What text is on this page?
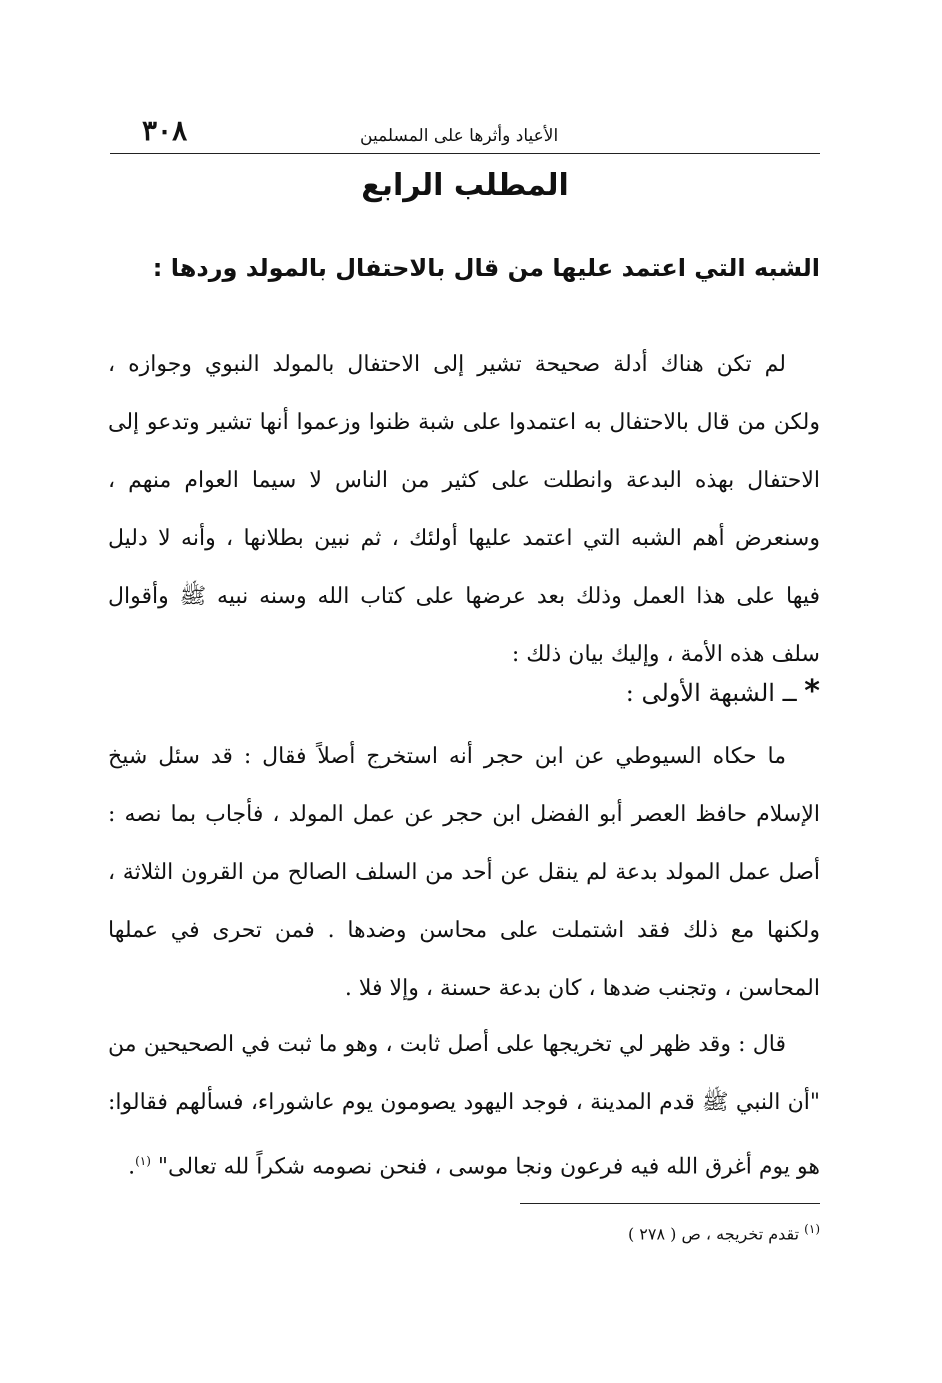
الأعياد وأثرها على المسلمين
٣٠٨
المطلب الرابع
الشبه التي اعتمد عليها من قال بالاحتفال بالمولد وردها :
لم تكن هناك أدلة صحيحة تشير إلى الاحتفال بالمولد النبوي وجوازه ،
ولكن من قال بالاحتفال به اعتمدوا على شبة ظنوا وزعموا أنها تشير وتدعو إلى
الاحتفال بهذه البدعة وانطلت على كثير من الناس لا سيما العوام منهم ،
وسنعرض أهم الشبه التي اعتمد عليها أولئك ، ثم نبين بطلانها ، وأنه لا دليل
فيها على هذا العمل وذلك بعد عرضها على كتاب الله وسنه نبيه ﷺ وأقوال
سلف هذه الأمة ، وإليك بيان ذلك :
* ــ الشبهة الأولى :
ما حكاه السيوطي عن ابن حجر أنه استخرج أصلاً فقال : قد سئل شيخ
الإسلام حافظ العصر أبو الفضل ابن حجر عن عمل المولد ، فأجاب بما نصه :
أصل عمل المولد بدعة لم ينقل عن أحد من السلف الصالح من القرون الثلاثة ،
ولكنها مع ذلك فقد اشتملت على محاسن وضدها . فمن تحرى في عملها
المحاسن ، وتجنب ضدها ، كان بدعة حسنة ، وإلا فلا .
قال : وقد ظهر لي تخريجها على أصل ثابت ، وهو ما ثبت في الصحيحين من
"أن النبي ﷺ قدم المدينة ، فوجد اليهود يصومون يوم عاشوراء، فسألهم فقالوا:
هو يوم أغرق الله فيه فرعون ونجا موسى ، فنحن نصومه شكراً لله تعالى" $^{(١)}$.
$^{(١)}$ تقدم تخريجه ، ص ( ٢٧٨ )
